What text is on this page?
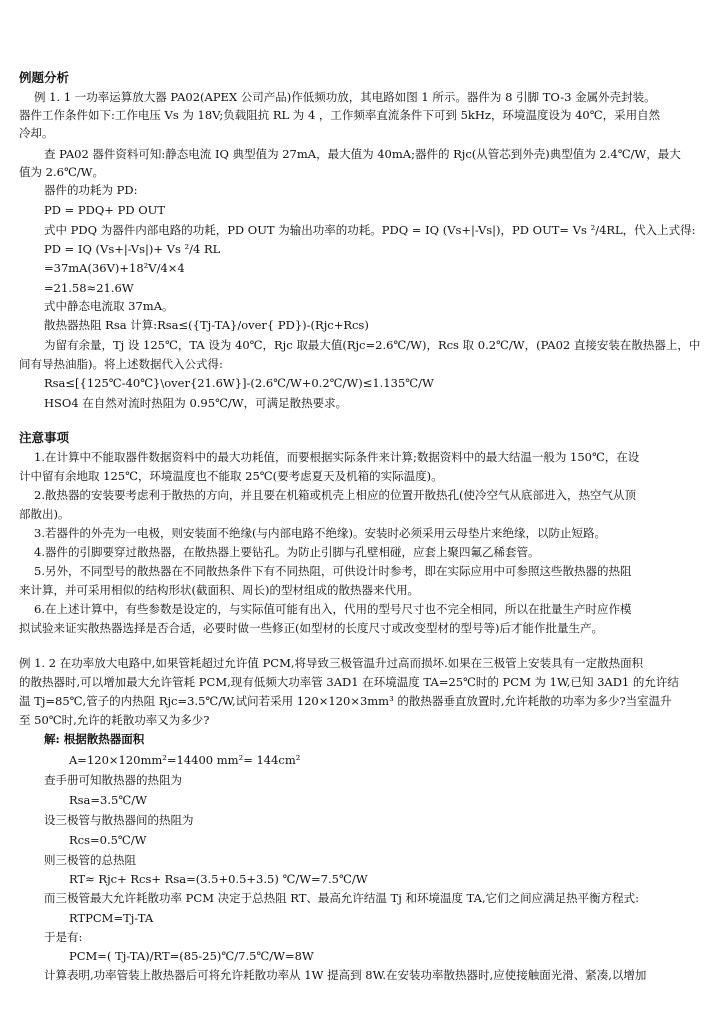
例题分析
例 1. 1 一功率运算放大器 PA02(APEX 公司产品)作低频功放，其电路如图 1 所示。器件为 8 引脚 TO-3 金属外壳封装。
器件工作条件如下:工作电压 Vs 为 18V;负载阻抗 RL 为 4 ，工作频率直流条件下可到 5kHz，环境温度设为 40℃，采用自然
冷却。
查 PA02 器件资料可知:静态电流 IQ 典型值为 27mA，最大值为 40mA;器件的 Rjc(从管芯到外壳)典型值为 2.4℃/W，最大
值为 2.6℃/W。
器件的功耗为 PD:
PD = PDQ+ PD OUT
式中 PDQ 为器件内部电路的功耗，PD OUT 为输出功率的功耗。PDQ = IQ (Vs+|-Vs|)，PD OUT= Vs ²/4RL，代入上式得:
PD = IQ (Vs+|-Vs|)+ Vs ²/4 RL
=37mA(36V)+18²V/4×4
=21.58≈21.6W
式中静态电流取 37mA。
散热器热阻 Rsa 计算:Rsa≤({Tj-TA}/over{ PD})-(Rjc+Rcs)
为留有余量，Tj 设 125℃，TA 设为 40℃，Rjc 取最大值(Rjc=2.6℃/W)，Rcs 取 0.2℃/W，(PA02 直接安装在散热器上，中
间有导热油脂)。将上述数据代入公式得:
Rsa≤[{125℃-40℃}\over{21.6W}]-(2.6℃/W+0.2℃/W)≤1.135℃/W
HSO4 在自然对流时热阻为 0.95℃/W，可满足散热要求。
注意事项
1.在计算中不能取器件数据资料中的最大功耗值，而要根据实际条件来计算;数据资料中的最大结温一般为 150℃，在设
计中留有余地取 125℃，环境温度也不能取 25℃(要考虑夏天及机箱的实际温度)。
2.散热器的安装要考虑利于散热的方向，并且要在机箱或机壳上相应的位置开散热孔(使冷空气从底部进入，热空气从顶
部散出)。
3.若器件的外壳为一电极，则安装面不绝缘(与内部电路不绝缘)。安装时必须采用云母垫片来绝缘，以防止短路。
4.器件的引脚要穿过散热器，在散热器上要钻孔。为防止引脚与孔壁相碰，应套上聚四氟乙稀套管。
5.另外，不同型号的散热器在不同散热条件下有不同热阻，可供设计时参考，即在实际应用中可参照这些散热器的热阻
来计算，并可采用相似的结构形状(截面积、周长)的型材组成的散热器来代用。
6.在上述计算中，有些参数是设定的，与实际值可能有出入，代用的型号尺寸也不完全相同，所以在批量生产时应作模
拟试验来证实散热器选择是否合适，必要时做一些修正(如型材的长度尺寸或改变型材的型号等)后才能作批量生产。
例 1. 2 在功率放大电路中,如果管耗超过允许值 PCM,将导致三极管温升过高而损坏.如果在三极管上安装具有一定散热面积
的散热器时,可以增加最大允许管耗 PCM,现有低频大功率管 3AD1 在环境温度 TA=25℃时的 PCM 为 1W,已知 3AD1 的允许结
温 Tj=85℃,管子的内热阻 Rjc=3.5℃/W,试问若采用 120×120×3mm³ 的散热器垂直放置时,允许耗散的功率为多少?当室温升
至 50℃时,允许的耗散功率又为多少?
解: 根据散热器面积
A=120×120mm²=14400 mm²= 144cm²
查手册可知散热器的热阻为
Rsa=3.5℃/W
设三极管与散热器间的热阻为
Rcs=0.5℃/W
则三极管的总热阻
RT≈ Rjc+ Rcs+ Rsa=(3.5+0.5+3.5) ℃/W=7.5℃/W
而三极管最大允许耗散功率 PCM 决定于总热阻 RT、最高允许结温 Tj 和环境温度 TA,它们之间应满足热平衡方程式:
RTPCM=Tj-TA
于是有:
PCM=( Tj-TA)/RT=(85-25)℃/7.5℃/W=8W
计算表明,功率管装上散热器后可将允许耗散功率从 1W 提高到 8W.在安装功率散热器时,应使接触面光滑、紧凑,以增加
